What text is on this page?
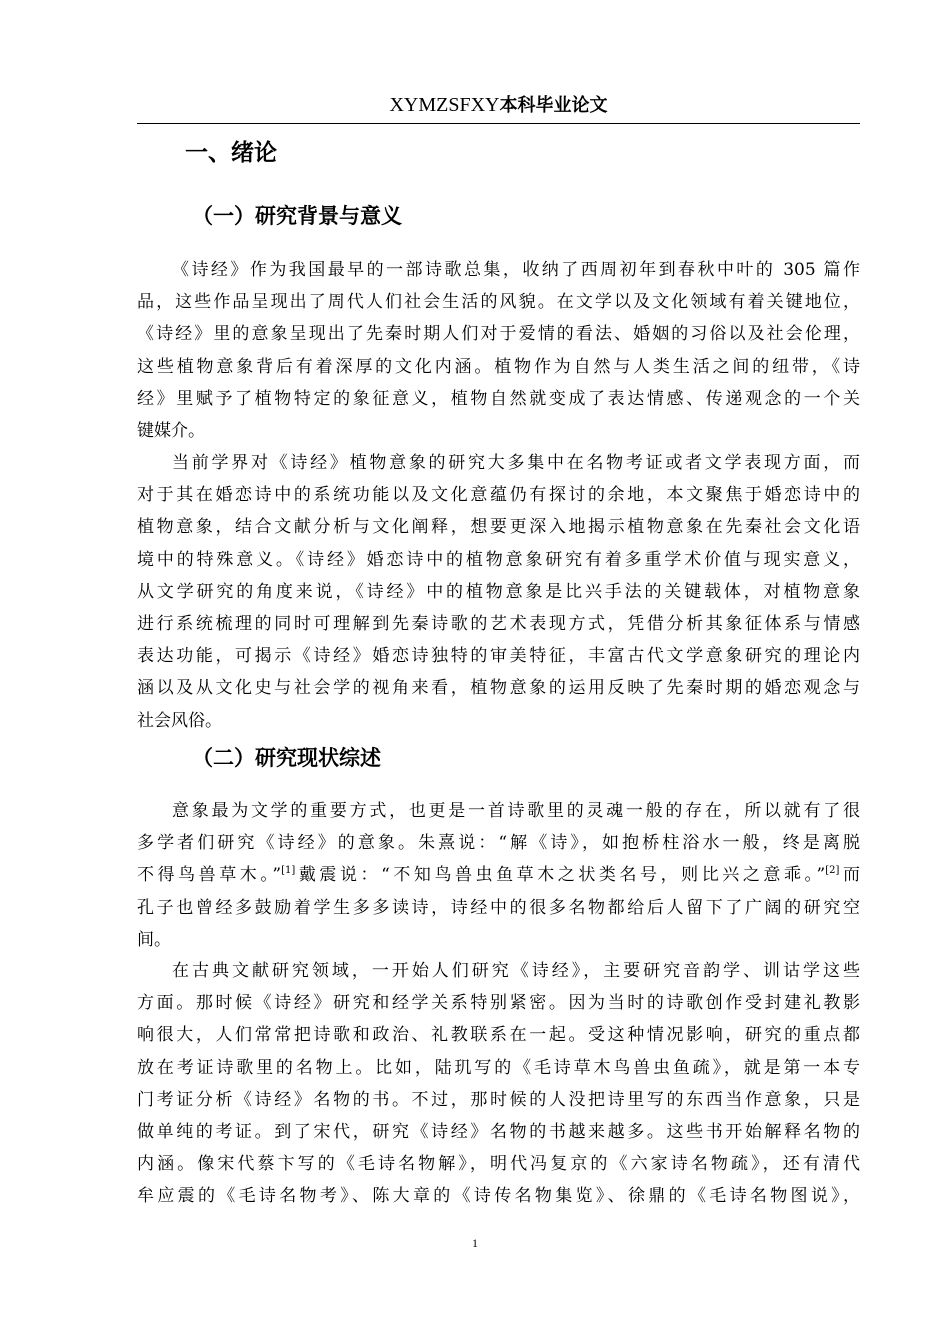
XYMZSFXY本科毕业论文
一、绪论
（一）研究背景与意义
《诗经》作为我国最早的一部诗歌总集，收纳了西周初年到春秋中叶的 305 篇作
品，这些作品呈现出了周代人们社会生活的风貌。在文学以及文化领域有着关键地位，
《诗经》里的意象呈现出了先秦时期人们对于爱情的看法、婚姻的习俗以及社会伦理，
这些植物意象背后有着深厚的文化内涵。植物作为自然与人类生活之间的纽带，《诗
经》里赋予了植物特定的象征意义，植物自然就变成了表达情感、传递观念的一个关
键媒介。
当前学界对《诗经》植物意象的研究大多集中在名物考证或者文学表现方面，而
对于其在婚恋诗中的系统功能以及文化意蕴仍有探讨的余地，本文聚焦于婚恋诗中的
植物意象，结合文献分析与文化阐释，想要更深入地揭示植物意象在先秦社会文化语
境中的特殊意义。《诗经》婚恋诗中的植物意象研究有着多重学术价值与现实意义，
从文学研究的角度来说，《诗经》中的植物意象是比兴手法的关键载体，对植物意象
进行系统梳理的同时可理解到先秦诗歌的艺术表现方式，凭借分析其象征体系与情感
表达功能，可揭示《诗经》婚恋诗独特的审美特征，丰富古代文学意象研究的理论内
涵以及从文化史与社会学的视角来看，植物意象的运用反映了先秦时期的婚恋观念与
社会风俗。
（二）研究现状综述
意象最为文学的重要方式，也更是一首诗歌里的灵魂一般的存在，所以就有了很
多学者们研究《诗经》的意象。朱熹说：“解《诗》，如抱桥柱浴水一般，终是离脱
不得鸟兽草木。”[1]戴震说：“不知鸟兽虫鱼草木之状类名号，则比兴之意乖。”[2]而
孔子也曾经多鼓励着学生多多读诗，诗经中的很多名物都给后人留下了广阔的研究空
间。
在古典文献研究领域，一开始人们研究《诗经》，主要研究音韵学、训诂学这些
方面。那时候《诗经》研究和经学关系特别紧密。因为当时的诗歌创作受封建礼教影
响很大，人们常常把诗歌和政治、礼教联系在一起。受这种情况影响，研究的重点都
放在考证诗歌里的名物上。比如，陆玑写的《毛诗草木鸟兽虫鱼疏》，就是第一本专
门考证分析《诗经》名物的书。不过，那时候的人没把诗里写的东西当作意象，只是
做单纯的考证。到了宋代，研究《诗经》名物的书越来越多。这些书开始解释名物的
内涵。像宋代蔡卞写的《毛诗名物解》，明代冯复京的《六家诗名物疏》，还有清代
牟应震的《毛诗名物考》、陈大章的《诗传名物集览》、徐鼎的《毛诗名物图说》，
1
